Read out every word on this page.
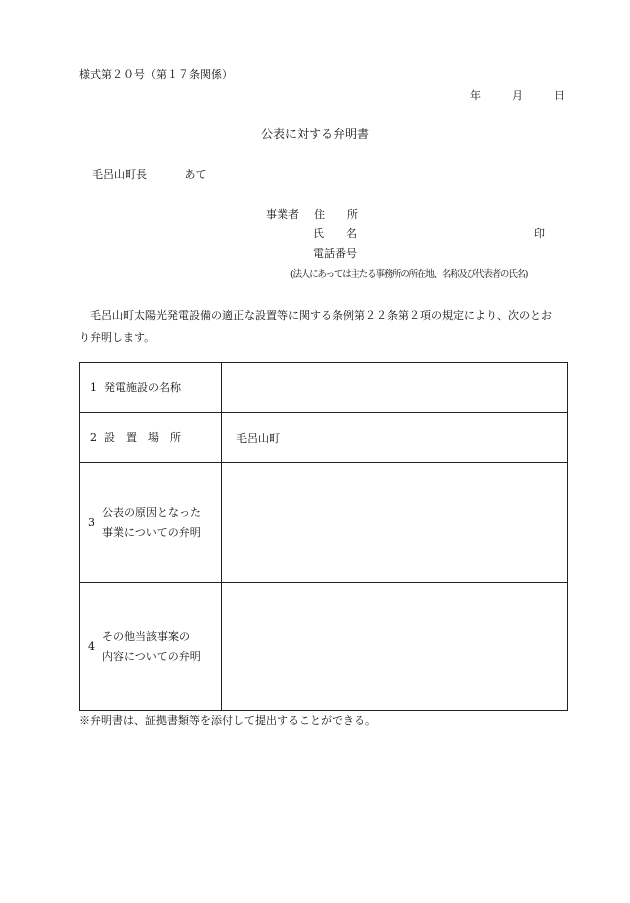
様式第２０号（第１７条関係）
年	月	日
公表に対する弁明書
毛呂山町長	あて
事業者 住　　所
氏　　名	印
電話番号
(法人にあっては主たる事務所の所在地、名称及び代表者の氏名)
毛呂山町太陽光発電設備の適正な設置等に関する条例第２２条第２項の規定により、次のとおり弁明します。
1 発電施設の名称	

2 設　置　場　所	毛呂山町

3
公表の原因となった
事業についての弁明	

4
その他当該事案の
内容についての弁明	

※弁明書は、証拠書類等を添付して提出することができる。
